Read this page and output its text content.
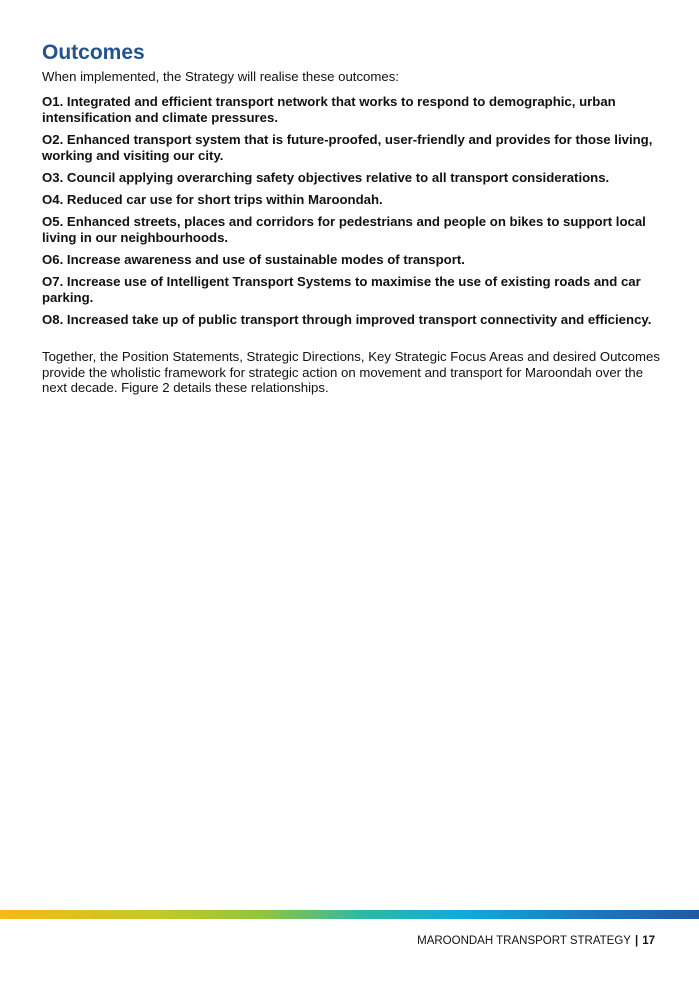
Outcomes

When implemented, the Strategy will realise these outcomes:

O1. Integrated and efficient transport network that works to respond to demographic, urban intensification and climate pressures.
O2. Enhanced transport system that is future-proofed, user-friendly and provides for those living, working and visiting our city.
O3. Council applying overarching safety objectives relative to all transport considerations.
O4. Reduced car use for short trips within Maroondah.
O5. Enhanced streets, places and corridors for pedestrians and people on bikes to support local living in our neighbourhoods.
O6. Increase awareness and use of sustainable modes of transport.
O7. Increase use of Intelligent Transport Systems to maximise the use of existing roads and car parking.
O8. Increased take up of public transport through improved transport connectivity and efficiency.

Together, the Position Statements, Strategic Directions, Key Strategic Focus Areas and desired Outcomes provide the wholistic framework for strategic action on movement and transport for Maroondah over the next decade. Figure 2 details these relationships.

MAROONDAH TRANSPORT STRATEGY | 17
